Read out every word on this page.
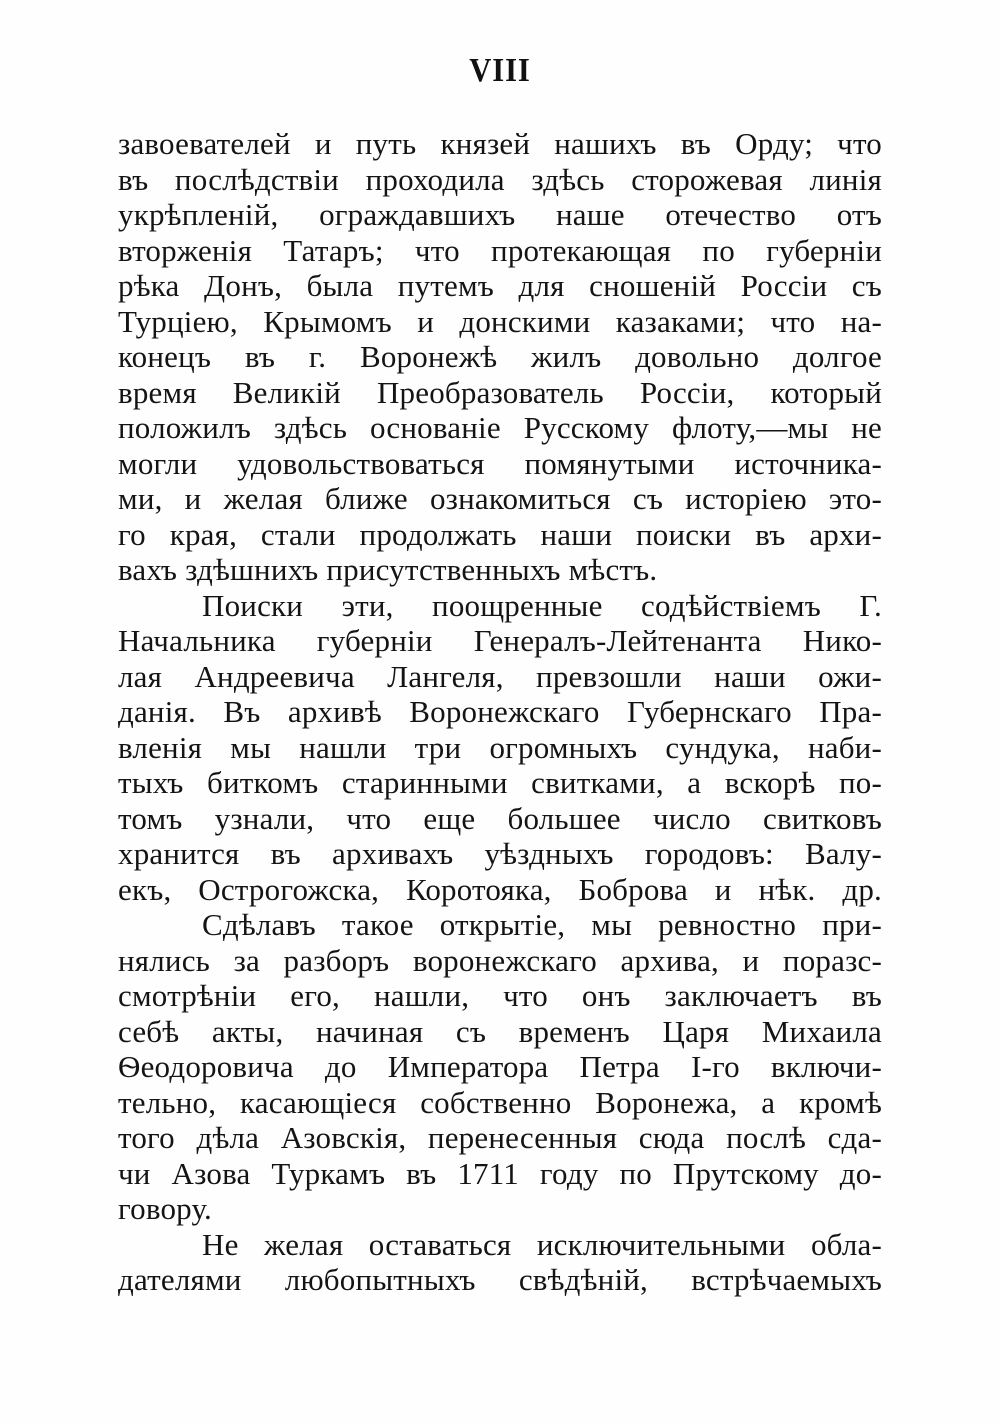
VIII
завоевателей и путь князей нашихъ въ Орду; что
въ послѣдствіи проходила здѣсь сторожевая линія
укрѣпленій, ограждавшихъ наше отечество отъ
вторженія Татаръ; что протекающая по губерніи
рѣка Донъ, была путемъ для сношеній Россіи съ
Турціею, Крымомъ и донскими казаками; что на-
конецъ въ г. Воронежѣ жилъ довольно долгое
время Великій Преобразователь Россіи, который
положилъ здѣсь основаніе Русскому флоту,—мы не
могли удовольствоваться помянутыми источника-
ми, и желая ближе ознакомиться съ исторіею это-
го края, стали продолжать наши поиски въ архи-
вахъ здѣшнихъ присутственныхъ мѣстъ.
Поиски эти, поощренные содѣйствіемъ Г.
Начальника губерніи Генералъ-Лейтенанта Нико-
лая Андреевича Лангеля, превзошли наши ожи-
данія. Въ архивѣ Воронежскаго Губернскаго Пра-
вленія мы нашли три огромныхъ сундука, наби-
тыхъ биткомъ старинными свитками, а вскорѣ по-
томъ узнали, что еще большее число свитковъ
хранится въ архивахъ уѣздныхъ городовъ: Валу-
екъ, Острогожска, Коротояка, Боброва и нѣк. др.
Сдѣлавъ такое открытіе, мы ревностно при-
нялись за разборъ воронежскаго архива, и поразс-
смотрѣніи его, нашли, что онъ заключаетъ въ
себѣ акты, начиная съ временъ Царя Михаила
Ѳеодоровича до Императора Петра I-го включи-
тельно, касающіеся собственно Воронежа, а кромѣ
того дѣла Азовскія, перенесенныя сюда послѣ сда-
чи Азова Туркамъ въ 1711 году по Прутскому до-
говору.
Не желая оставаться исключительными обла-
дателями любопытныхъ свѣдѣній, встрѣчаемыхъ
